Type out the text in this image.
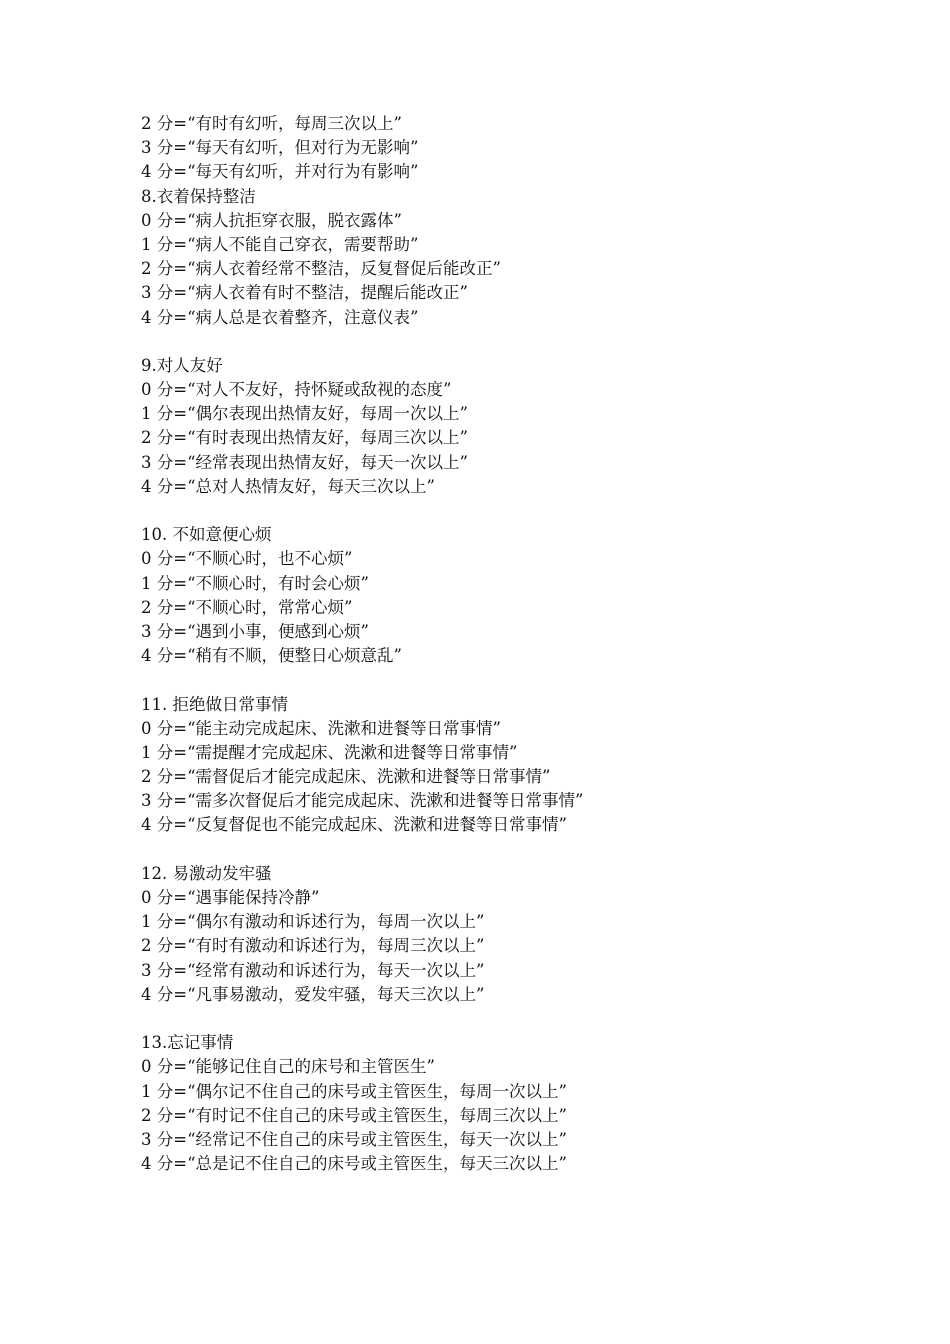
2 分=“有时有幻听，每周三次以上”
3 分=“每天有幻听，但对行为无影响”
4 分=“每天有幻听，并对行为有影响”
8.衣着保持整洁
0 分=“病人抗拒穿衣服，脱衣露体”
1 分=“病人不能自己穿衣，需要帮助”
2 分=“病人衣着经常不整洁，反复督促后能改正”
3 分=“病人衣着有时不整洁，提醒后能改正”
4 分=“病人总是衣着整齐，注意仪表”
9.对人友好
0 分=“对人不友好，持怀疑或敌视的态度”
1 分=“偶尔表现出热情友好，每周一次以上”
2 分=“有时表现出热情友好，每周三次以上”
3 分=“经常表现出热情友好，每天一次以上”
4 分=“总对人热情友好，每天三次以上”
10. 不如意便心烦
0 分=“不顺心时，也不心烦”
1 分=“不顺心时，有时会心烦”
2 分=“不顺心时，常常心烦”
3 分=“遇到小事，便感到心烦”
4 分=“稍有不顺，便整日心烦意乱”
11. 拒绝做日常事情
0 分=“能主动完成起床、洗漱和进餐等日常事情”
1 分=“需提醒才完成起床、洗漱和进餐等日常事情”
2 分=“需督促后才能完成起床、洗漱和进餐等日常事情”
3 分=“需多次督促后才能完成起床、洗漱和进餐等日常事情”
4 分=“反复督促也不能完成起床、洗漱和进餐等日常事情”
12. 易激动发牢骚
0 分=“遇事能保持冷静”
1 分=“偶尔有激动和诉述行为，每周一次以上”
2 分=“有时有激动和诉述行为，每周三次以上”
3 分=“经常有激动和诉述行为，每天一次以上”
4 分=“凡事易激动，爱发牢骚，每天三次以上”
13.忘记事情
0 分=“能够记住自己的床号和主管医生”
1 分=“偶尔记不住自己的床号或主管医生，每周一次以上”
2 分=“有时记不住自己的床号或主管医生，每周三次以上”
3 分=“经常记不住自己的床号或主管医生，每天一次以上”
4 分=“总是记不住自己的床号或主管医生，每天三次以上”
